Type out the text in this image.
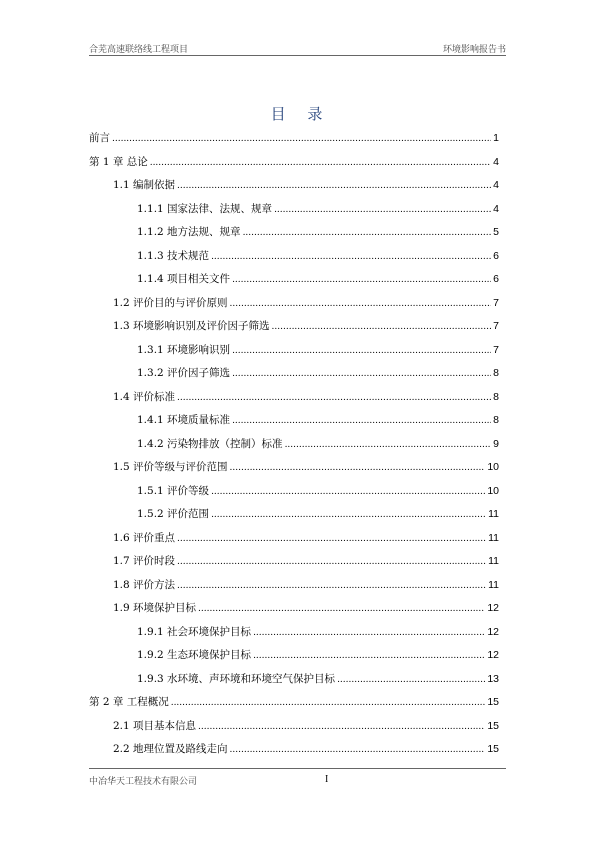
合芜高速联络线工程项目	环境影响报告书
目 录
前言 .....	1
第 1 章 总论 .....	4
1.1 编制依据 .....	4
1.1.1 国家法律、法规、规章 .....	4
1.1.2 地方法规、规章 .....	5
1.1.3 技术规范 .....	6
1.1.4 项目相关文件 .....	6
1.2 评价目的与评价原则 .....	7
1.3 环境影响识别及评价因子筛选 .....	7
1.3.1 环境影响识别 .....	7
1.3.2 评价因子筛选 .....	8
1.4 评价标准 .....	8
1.4.1 环境质量标准 .....	8
1.4.2 污染物排放（控制）标准 .....	9
1.5 评价等级与评价范围 .....	10
1.5.1 评价等级 .....	10
1.5.2 评价范围 .....	11
1.6 评价重点 .....	11
1.7 评价时段 .....	11
1.8 评价方法 .....	11
1.9 环境保护目标 .....	12
1.9.1 社会环境保护目标 .....	12
1.9.2 生态环境保护目标 .....	12
1.9.3 水环境、声环境和环境空气保护目标 .....	13
第 2 章 工程概况 .....	15
2.1 项目基本信息 .....	15
2.2 地理位置及路线走向 .....	15
中冶华天工程技术有限公司	I
